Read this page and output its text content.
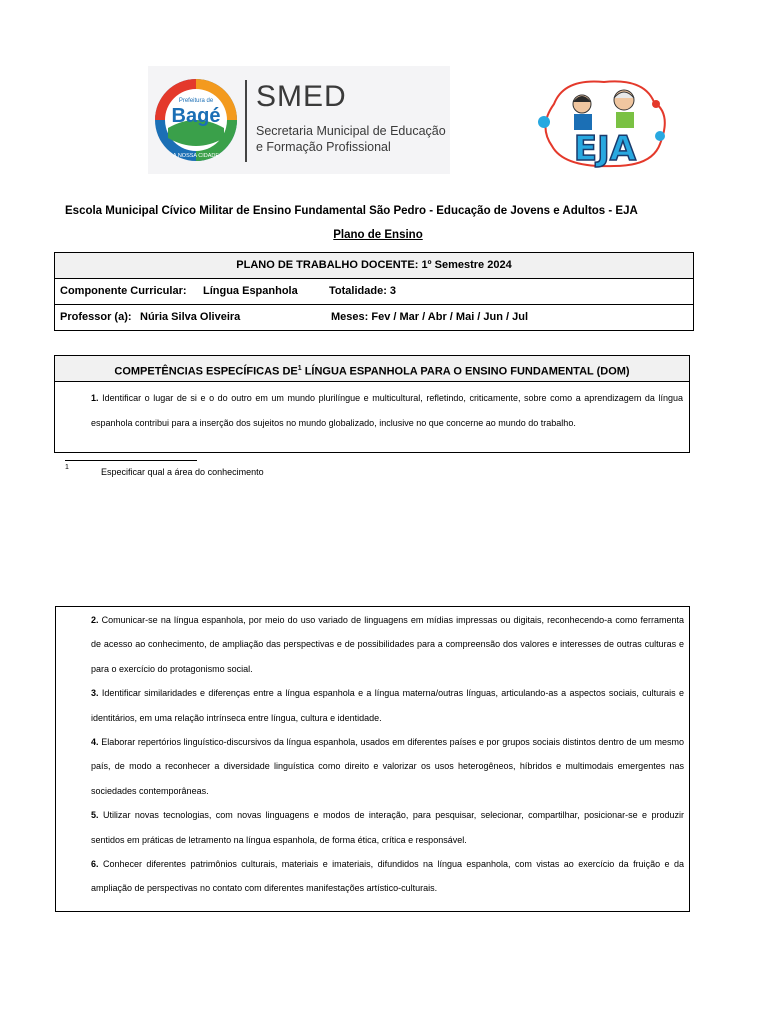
Prefeitura de
Bagé
A NOSSA CIDADE
SMED
Secretaria Municipal de Educação
e Formação Profissional	EJA
Escola Municipal Cívico Militar de Ensino Fundamental São Pedro - Educação de Jovens e Adultos - EJA
Plano de Ensino
PLANO DE TRABALHO DOCENTE: 1º Semestre 2024
Componente Curricular: Língua Espanhola	Totalidade: 3
Professor (a): Núria Silva Oliveira	Meses: Fev / Mar / Abr / Mai / Jun / Jul
COMPETÊNCIAS ESPECÍFICAS $DE^1$ LÍNGUA ESPANHOLA PARA O ENSINO FUNDAMENTAL (DOM)
1. Identificar o lugar de si e o do outro em um mundo plurilíngue e multicultural, refletindo, criticamente, sobre como a aprendizagem da língua espanhola contribui para a inserção dos sujeitos no mundo globalizado, inclusive no que concerne ao mundo do trabalho.
1	Especificar qual a área do conhecimento
2. Comunicar-se na língua espanhola, por meio do uso variado de linguagens em mídias impressas ou digitais, reconhecendo-a como ferramenta de acesso ao conhecimento, de ampliação das perspectivas e de possibilidades para a compreensão dos valores e interesses de outras culturas e para o exercício do protagonismo social.
3. Identificar similaridades e diferenças entre a língua espanhola e a língua materna/outras línguas, articulando-as a aspectos sociais, culturais e identitários, em uma relação intrínseca entre língua, cultura e identidade.
4. Elaborar repertórios linguístico-discursivos da língua espanhola, usados em diferentes países e por grupos sociais distintos dentro de um mesmo país, de modo a reconhecer a diversidade linguística como direito e valorizar os usos heterogêneos, híbridos e multimodais emergentes nas sociedades contemporâneas.
5. Utilizar novas tecnologias, com novas linguagens e modos de interação, para pesquisar, selecionar, compartilhar, posicionar-se e produzir sentidos em práticas de letramento na língua espanhola, de forma ética, crítica e responsável.
6. Conhecer diferentes patrimônios culturais, materiais e imateriais, difundidos na língua espanhola, com vistas ao exercício da fruição e da ampliação de perspectivas no contato com diferentes manifestações artístico-culturais.
